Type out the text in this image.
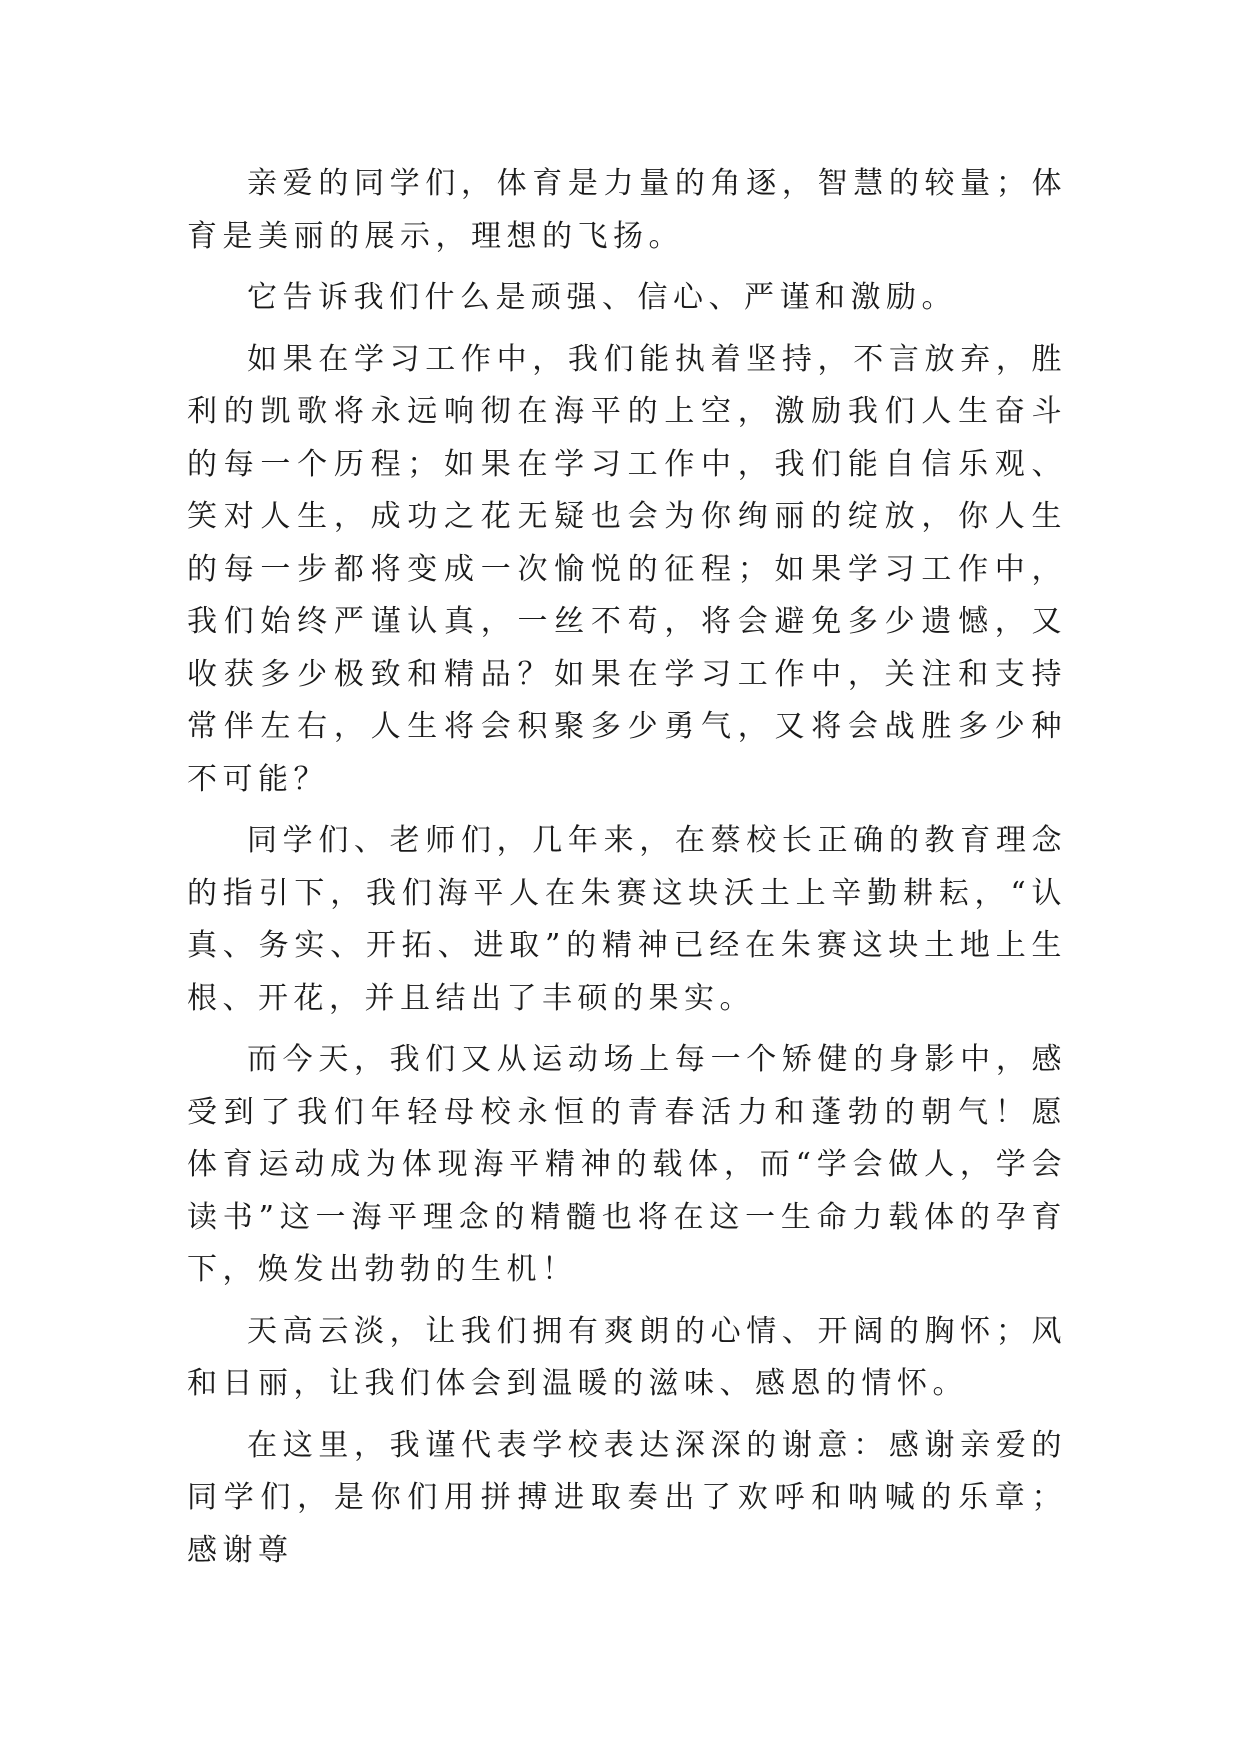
亲爱的同学们，体育是力量的角逐，智慧的较量；体育是美丽的展示，理想的飞扬。

它告诉我们什么是顽强、信心、严谨和激励。

如果在学习工作中，我们能执着坚持，不言放弃，胜利的凯歌将永远响彻在海平的上空，激励我们人生奋斗的每一个历程；如果在学习工作中，我们能自信乐观、笑对人生，成功之花无疑也会为你绚丽的绽放，你人生的每一步都将变成一次愉悦的征程；如果学习工作中，我们始终严谨认真，一丝不苟，将会避免多少遗憾，又收获多少极致和精品？如果在学习工作中，关注和支持常伴左右，人生将会积聚多少勇气，又将会战胜多少种不可能？

同学们、老师们，几年来，在蔡校长正确的教育理念的指引下，我们海平人在朱赛这块沃土上辛勤耕耘，“认真、务实、开拓、进取”的精神已经在朱赛这块土地上生根、开花，并且结出了丰硕的果实。

而今天，我们又从运动场上每一个矫健的身影中，感受到了我们年轻母校永恒的青春活力和蓬勃的朝气！愿体育运动成为体现海平精神的载体，而“学会做人，学会读书”这一海平理念的精髓也将在这一生命力载体的孕育下，焕发出勃勃的生机！

天高云淡，让我们拥有爽朗的心情、开阔的胸怀；风和日丽，让我们体会到温暖的滋味、感恩的情怀。

在这里，我谨代表学校表达深深的谢意：感谢亲爱的同学们，是你们用拼搏进取奏出了欢呼和呐喊的乐章；感谢尊
